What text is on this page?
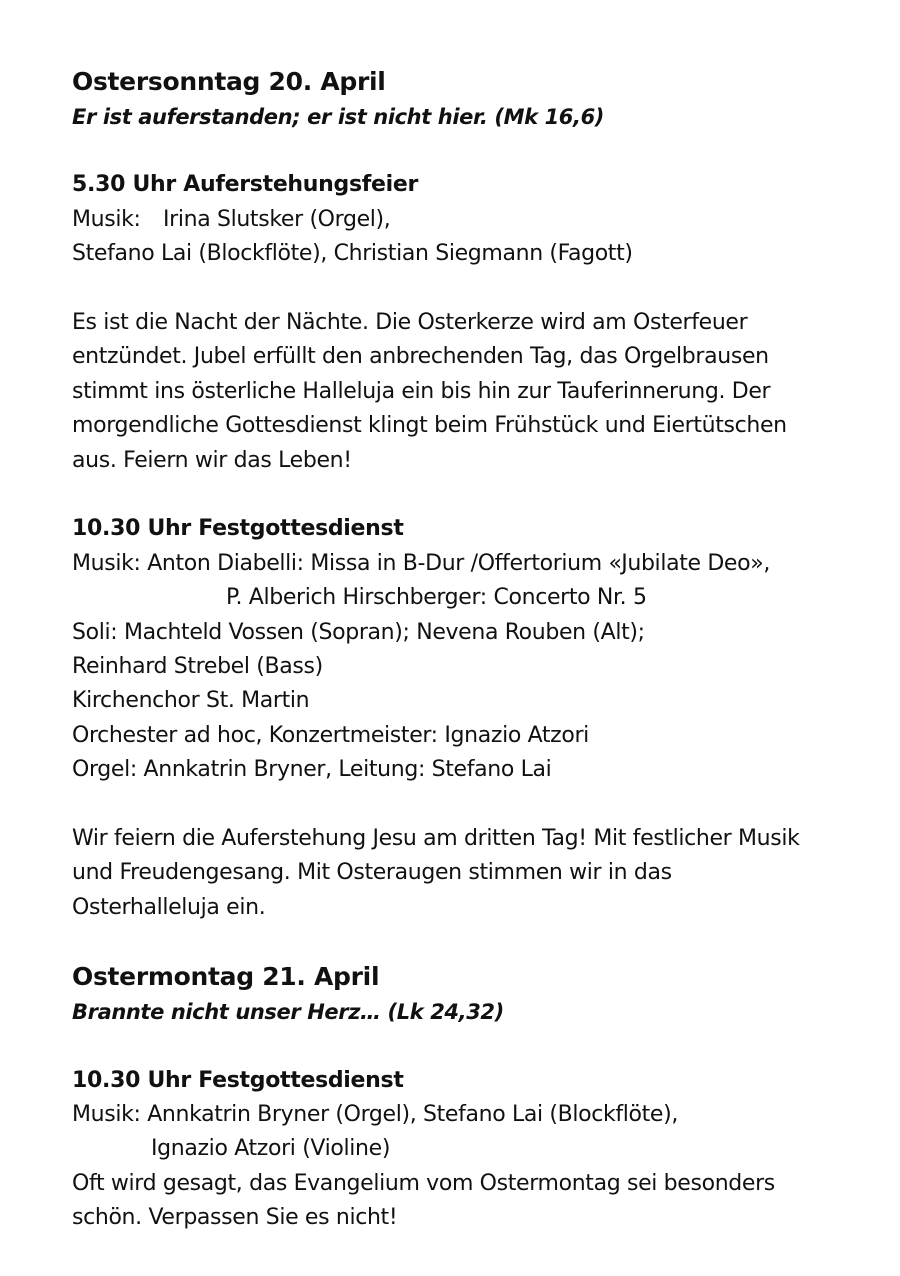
Ostersonntag 20. April
Er ist auferstanden; er ist nicht hier. (Mk 16,6)
5.30 Uhr Auferstehungsfeier
Musik: Irina Slutsker (Orgel),
Stefano Lai (Blockflöte), Christian Siegmann (Fagott)
Es ist die Nacht der Nächte. Die Osterkerze wird am Osterfeuer
entzündet. Jubel erfüllt den anbrechenden Tag, das Orgelbrausen
stimmt ins österliche Halleluja ein bis hin zur Tauferinnerung. Der
morgendliche Gottesdienst klingt beim Frühstück und Eiertütschen
aus. Feiern wir das Leben!
10.30 Uhr Festgottesdienst
Musik: Anton Diabelli: Missa in B-Dur /Offertorium «Jubilate Deo»,
P. Alberich Hirschberger: Concerto Nr. 5
Soli: Machteld Vossen (Sopran); Nevena Rouben (Alt);
Reinhard Strebel (Bass)
Kirchenchor St. Martin
Orchester ad hoc, Konzertmeister: Ignazio Atzori
Orgel: Annkatrin Bryner, Leitung: Stefano Lai
Wir feiern die Auferstehung Jesu am dritten Tag! Mit festlicher Musik
und Freudengesang. Mit Osteraugen stimmen wir in das
Osterhalleluja ein.
Ostermontag 21. April
Brannte nicht unser Herz… (Lk 24,32)
10.30 Uhr Festgottesdienst
Musik: Annkatrin Bryner (Orgel), Stefano Lai (Blockflöte),
Ignazio Atzori (Violine)
Oft wird gesagt, das Evangelium vom Ostermontag sei besonders
schön. Verpassen Sie es nicht!
